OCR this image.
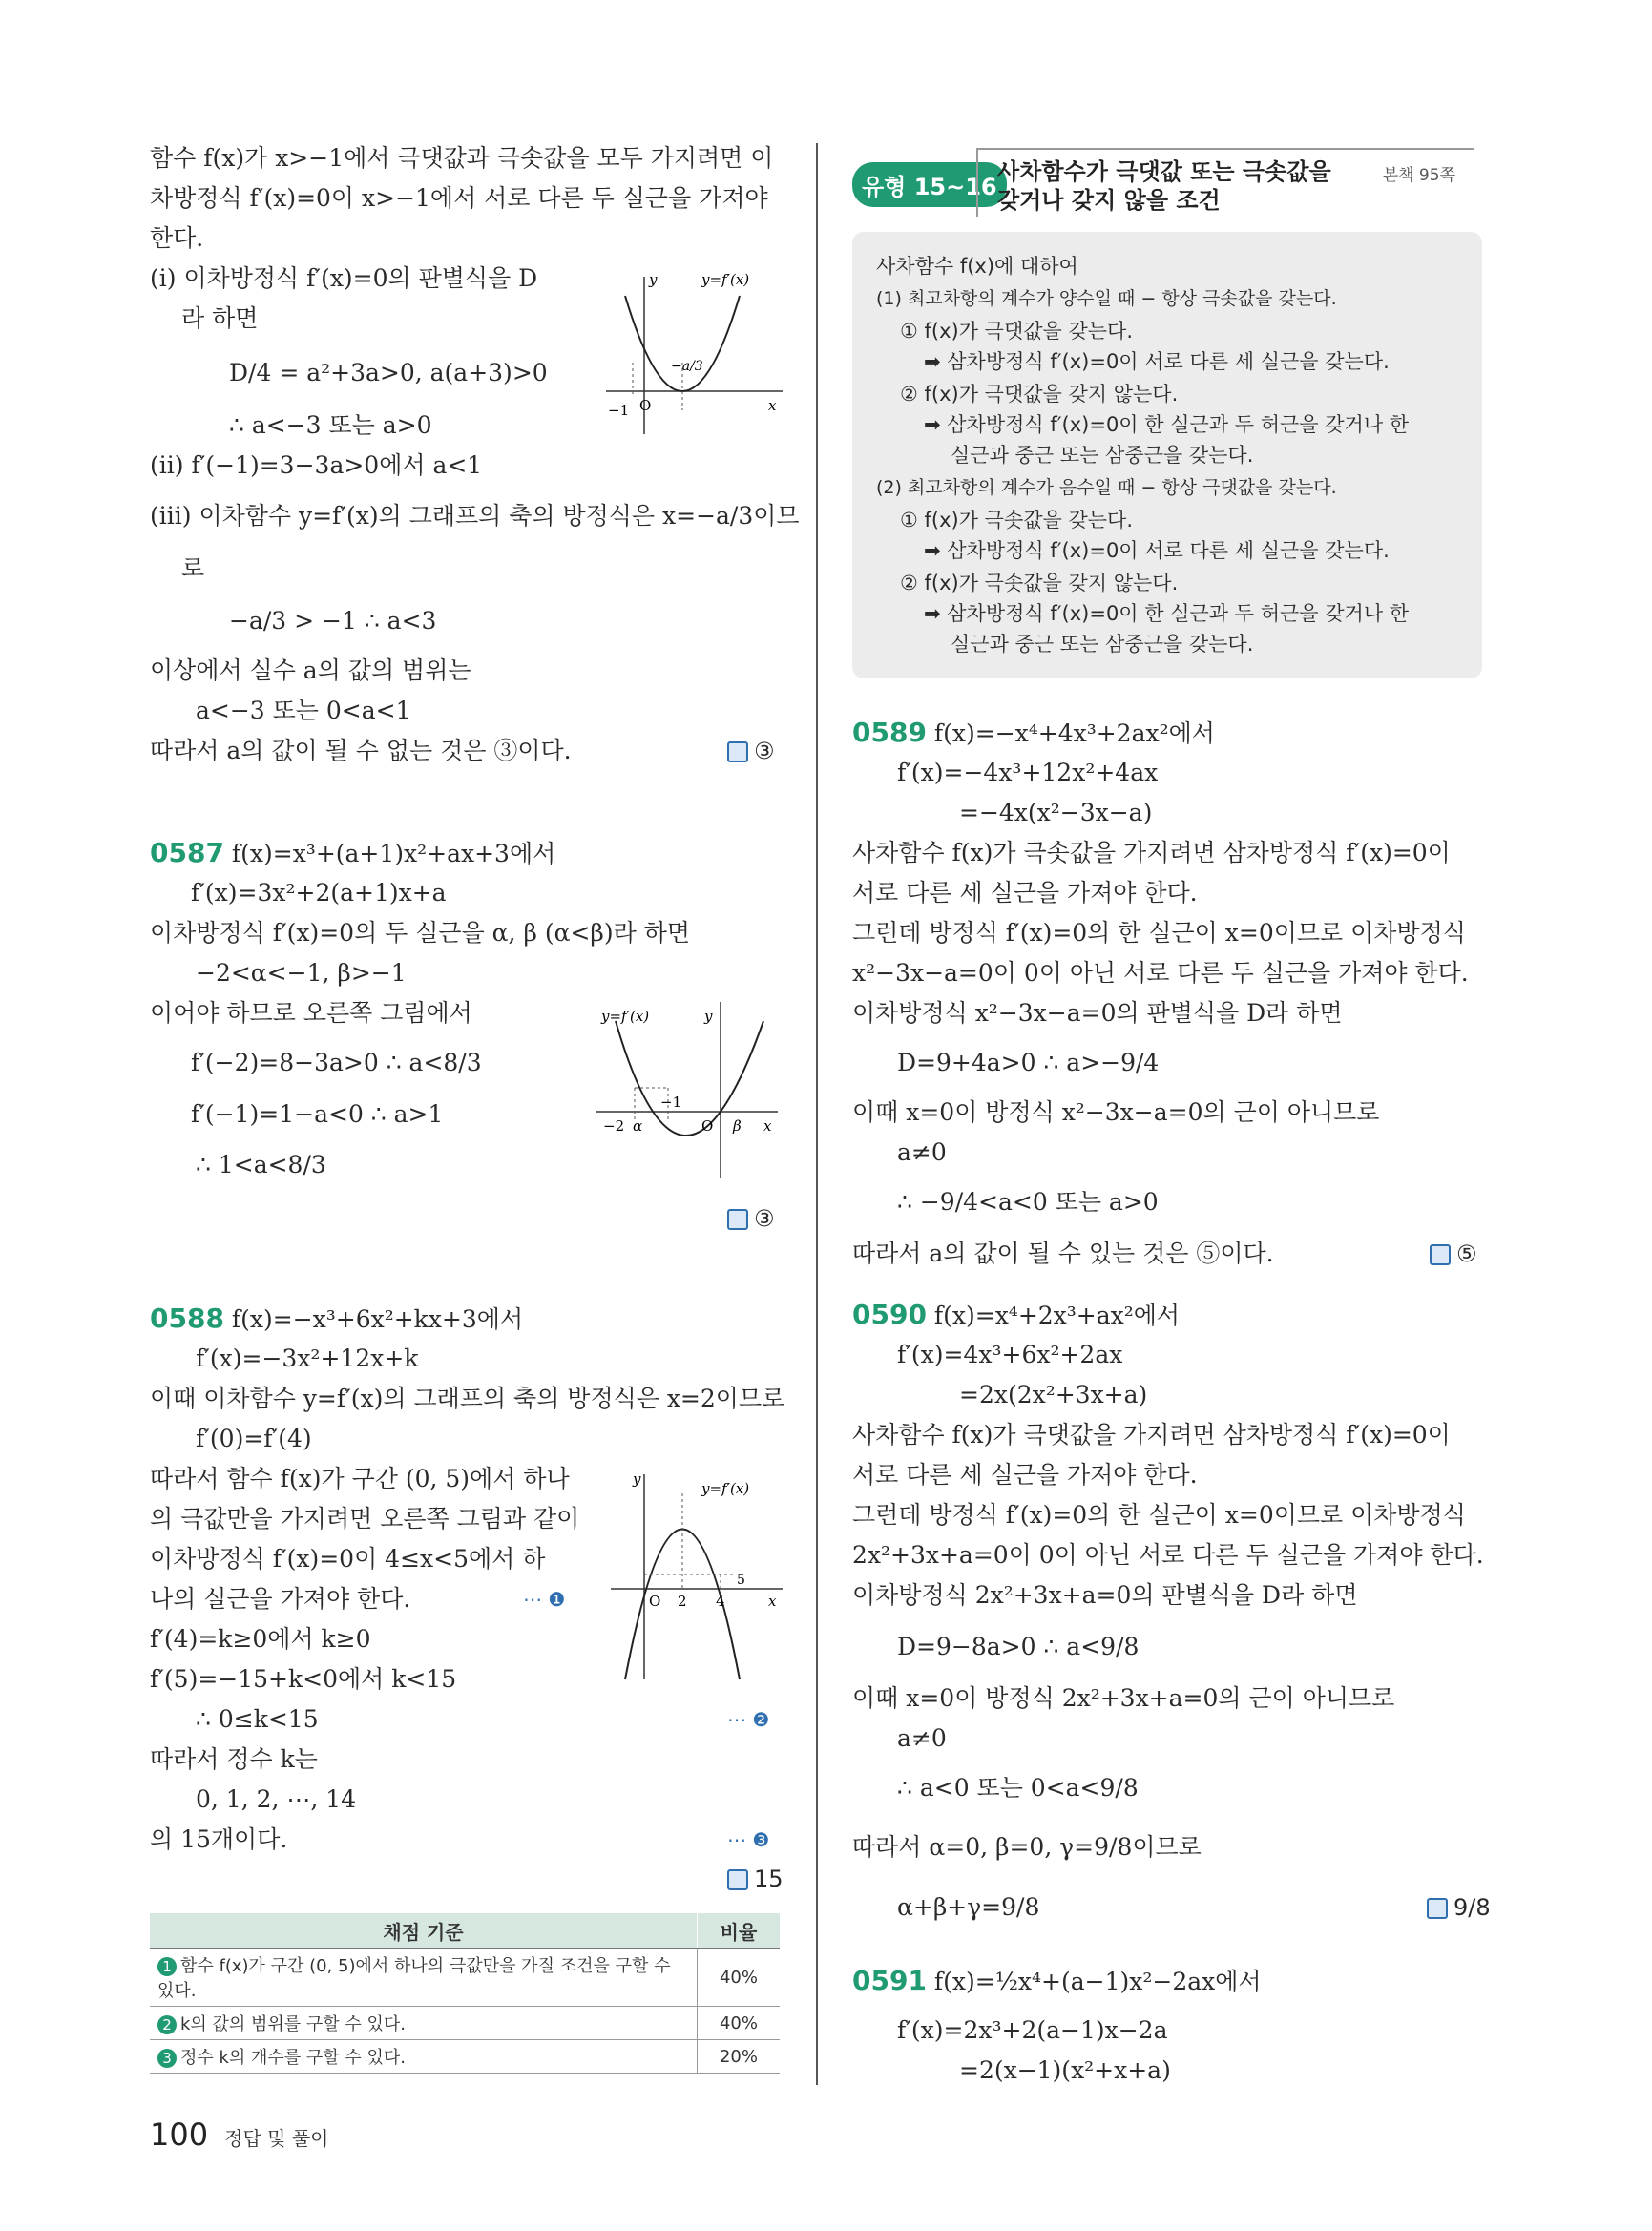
함수 f(x)가 x>−1에서 극댓값과 극솟값을 모두 가지려면 이
차방정식 f′(x)=0이 x>−1에서 서로 다른 두 실근을 가져야
한다.
(i) 이차방정식 f′(x)=0의 판별식을 D
라 하면
D/4 = a²+3a>0, a(a+3)>0
∴ a<−3 또는 a>0
(ii) f′(−1)=3−3a>0에서 a<1
(iii) 이차함수 y=f′(x)의 그래프의 축의 방정식은 x=−a/3이므
로
−a/3 > −1 ∴ a<3
이상에서 실수 a의 값의 범위는
a<−3 또는 0<a<1
따라서 a의 값이 될 수 없는 것은 ③이다.	③
y	y=f′(x)
−a/3
−1 O	x
0587 f(x)=x³+(a+1)x²+ax+3에서
f′(x)=3x²+2(a+1)x+a
이차방정식 f′(x)=0의 두 실근을 α, β (α<β)라 하면
−2<α<−1, β>−1
이어야 하므로 오른쪽 그림에서
f′(−2)=8−3a>0 ∴ a<8/3
f′(−1)=1−a<0 ∴ a>1
∴ 1<a<8/3
③
y=f′(x)	y
−1
−2 α	O β x
0588 f(x)=−x³+6x²+kx+3에서
f′(x)=−3x²+12x+k
이때 이차함수 y=f′(x)의 그래프의 축의 방정식은 x=2이므로
f′(0)=f′(4)
따라서 함수 f(x)가 구간 (0, 5)에서 하나
의 극값만을 가지려면 오른쪽 그림과 같이
이차방정식 f′(x)=0이 4≤x<5에서 하
나의 실근을 가져야 한다.	⋯ ❶
f′(4)=k≥0에서 k≥0
f′(5)=−15+k<0에서 k<15
∴ 0≤k<15	⋯ ❷
따라서 정수 k는
0, 1, 2, ⋯, 14
의 15개이다.	⋯ ❸
15
y
y=f′(x)
5
O 2 4	x
채점 기준	비율
1 함수 f(x)가 구간 (0, 5)에서 하나의 극값만을 가질 조건을 구할 수 있다.	40%
2 k의 값의 범위를 구할 수 있다.	40%
3 정수 k의 개수를 구할 수 있다.	20%
유형 15~16
사차함수가 극댓값 또는 극솟값을
갖거나 갖지 않을 조건
본책 95쪽
사차함수 f(x)에 대하여
(1) 최고차항의 계수가 양수일 때 − 항상 극솟값을 갖는다.
① f(x)가 극댓값을 갖는다.
➡ 삼차방정식 f′(x)=0이 서로 다른 세 실근을 갖는다.
② f(x)가 극댓값을 갖지 않는다.
➡ 삼차방정식 f′(x)=0이 한 실근과 두 허근을 갖거나 한
실근과 중근 또는 삼중근을 갖는다.
(2) 최고차항의 계수가 음수일 때 − 항상 극댓값을 갖는다.
① f(x)가 극솟값을 갖는다.
➡ 삼차방정식 f′(x)=0이 서로 다른 세 실근을 갖는다.
② f(x)가 극솟값을 갖지 않는다.
➡ 삼차방정식 f′(x)=0이 한 실근과 두 허근을 갖거나 한
실근과 중근 또는 삼중근을 갖는다.
0589 f(x)=−x⁴+4x³+2ax²에서
f′(x)=−4x³+12x²+4ax
=−4x(x²−3x−a)
사차함수 f(x)가 극솟값을 가지려면 삼차방정식 f′(x)=0이
서로 다른 세 실근을 가져야 한다.
그런데 방정식 f′(x)=0의 한 실근이 x=0이므로 이차방정식
x²−3x−a=0이 0이 아닌 서로 다른 두 실근을 가져야 한다.
이차방정식 x²−3x−a=0의 판별식을 D라 하면
D=9+4a>0 ∴ a>−9/4
이때 x=0이 방정식 x²−3x−a=0의 근이 아니므로
a≠0
∴ −9/4<a<0 또는 a>0
따라서 a의 값이 될 수 있는 것은 ⑤이다.	⑤
0590 f(x)=x⁴+2x³+ax²에서
f′(x)=4x³+6x²+2ax
=2x(2x²+3x+a)
사차함수 f(x)가 극댓값을 가지려면 삼차방정식 f′(x)=0이
서로 다른 세 실근을 가져야 한다.
그런데 방정식 f′(x)=0의 한 실근이 x=0이므로 이차방정식
2x²+3x+a=0이 0이 아닌 서로 다른 두 실근을 가져야 한다.
이차방정식 2x²+3x+a=0의 판별식을 D라 하면
D=9−8a>0 ∴ a<9/8
이때 x=0이 방정식 2x²+3x+a=0의 근이 아니므로
a≠0
∴ a<0 또는 0<a<9/8
따라서 α=0, β=0, γ=9/8이므로
α+β+γ=9/8	9/8
0591 f(x)=½x⁴+(a−1)x²−2ax에서
f′(x)=2x³+2(a−1)x−2a
=2(x−1)(x²+x+a)
100 정답 및 풀이
